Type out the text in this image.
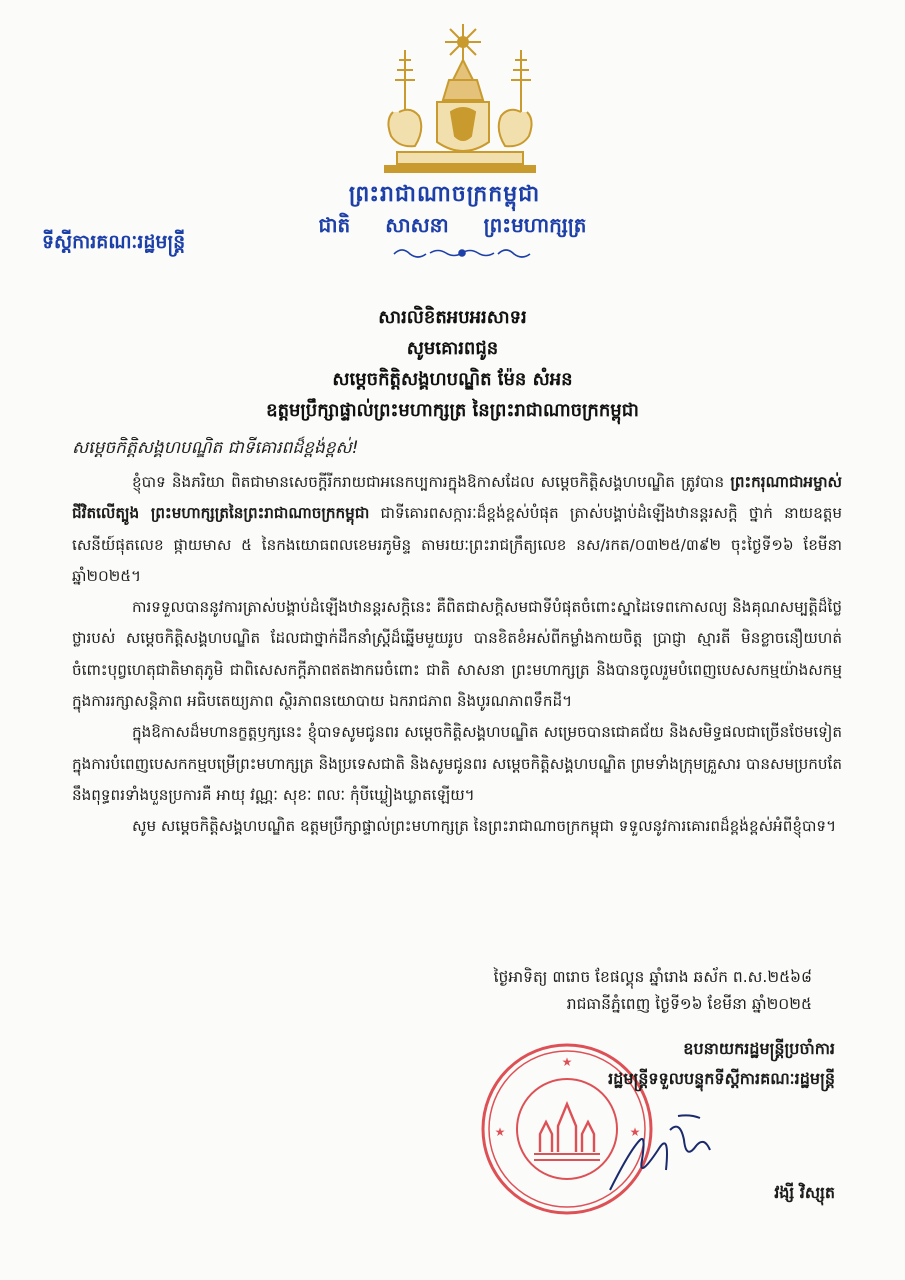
ព្រះរាជាណាចក្រកម្ពុជា
ជាតិ សាសនា ព្រះមហាក្សត្រ
ទីស្ដីការគណៈរដ្ឋមន្ត្រី
សារលិខិតអបអរសាទរ
សូមគោរពជូន
សម្ដេចកិត្តិសង្គហបណ្ឌិត ម៉ែន សំអន
ឧត្ដមប្រឹក្សាផ្ទាល់ព្រះមហាក្សត្រ នៃព្រះរាជាណាចក្រកម្ពុជា
សម្ដេចកិត្តិសង្គហបណ្ឌិត ជាទីគោរពដ៏ខ្ពង់ខ្ពស់!

ខ្ញុំបាទ និងភរិយា ពិតជាមានសេចក្ដីរីករាយជាអនេកប្បការក្នុងឱកាសដែល សម្ដេចកិត្តិសង្គហបណ្ឌិត ត្រូវបាន ព្រះករុណាជាអម្ចាស់ជីវិតលើត្បូង ព្រះមហាក្សត្រនៃព្រះរាជាណាចក្រកម្ពុជា ជាទីគោរពសក្ការៈដ៏ខ្ពង់ខ្ពស់បំផុត ត្រាស់បង្គាប់ដំឡើងឋានន្តរសក្តិ ថ្នាក់ នាយឧត្តមសេនីយ៍ផុតលេខ ផ្កាយមាស ៥ នៃកងយោធពលខេមរភូមិន្ទ តាមរយៈព្រះរាជក្រឹត្យលេខ នស/រកត/០៣២៥/៣៩២ ចុះថ្ងៃទី១៦ ខែមីនា ឆ្នាំ២០២៥។

ការទទួលបាននូវការត្រាស់បង្គាប់ដំឡើងឋានន្តរសក្តិនេះ គឺពិតជាសក្តិសមជាទីបំផុតចំពោះស្នាដៃទេពកោសល្យ និងគុណសម្បត្តិដ៏ថ្លៃថ្លារបស់ សម្ដេចកិត្តិសង្គហបណ្ឌិត ដែលជាថ្នាក់ដឹកនាំស្ត្រីដ៏ឆ្នើមមួយរូប បានខិតខំអស់ពីកម្លាំងកាយចិត្ត ប្រាជ្ញា ស្មារតី មិនខ្លាចនឿយហត់ ចំពោះបុព្វហេតុជាតិមាតុភូមិ ជាពិសេសកក្តីភាពឥតងាករេចំពោះ ជាតិ សាសនា ព្រះមហាក្សត្រ និងបានចូលរួមបំពេញបេសសកម្មយ៉ាងសកម្មក្នុងការរក្សាសន្តិភាព អធិបតេយ្យភាព ស្ថិរភាពនយោបាយ ឯករាជភាព និងបូរណភាពទឹកដី។

ក្នុងឱកាសដ៏មហានក្ខត្តឫក្សនេះ ខ្ញុំបាទសូមជូនពរ សម្ដេចកិត្តិសង្គហបណ្ឌិត សម្រេចបានជោគជ័យ និងសមិទ្ធផលជាច្រើនថែមទៀតក្នុងការបំពេញបេសកកម្មបម្រើព្រះមហាក្សត្រ និងប្រទេសជាតិ និងសូមជូនពរ សម្ដេចកិត្តិសង្គហបណ្ឌិត ព្រមទាំងក្រុមគ្រួសារ បានសមប្រកបតែនឹងពុទ្ធពរទាំងបួនប្រការគឺ អាយុ វណ្ណៈ សុខៈ ពលៈ កុំបីឃ្លៀងឃ្លាតឡើយ។

សូម សម្ដេចកិត្តិសង្គហបណ្ឌិត ឧត្ដមប្រឹក្សាផ្ទាល់ព្រះមហាក្សត្រ នៃព្រះរាជាណាចក្រកម្ពុជា ទទួលនូវការគោរពដ៏ខ្ពង់ខ្ពស់អំពីខ្ញុំបាទ។

ថ្ងៃអាទិត្យ ៣រោច ខែផល្គុន ឆ្នាំរោង ឆស័ក ព.ស.២៥៦៨
រាជធានីភ្នំពេញ ថ្ងៃទី១៦ ខែមីនា ឆ្នាំ២០២៥
★
★	★
ឧបនាយករដ្ឋមន្ត្រីប្រចាំការ
រដ្ឋមន្ត្រីទទួលបន្ទុកទីស្ដីការគណៈរដ្ឋមន្ត្រី
វង្សី វិស្សុត
